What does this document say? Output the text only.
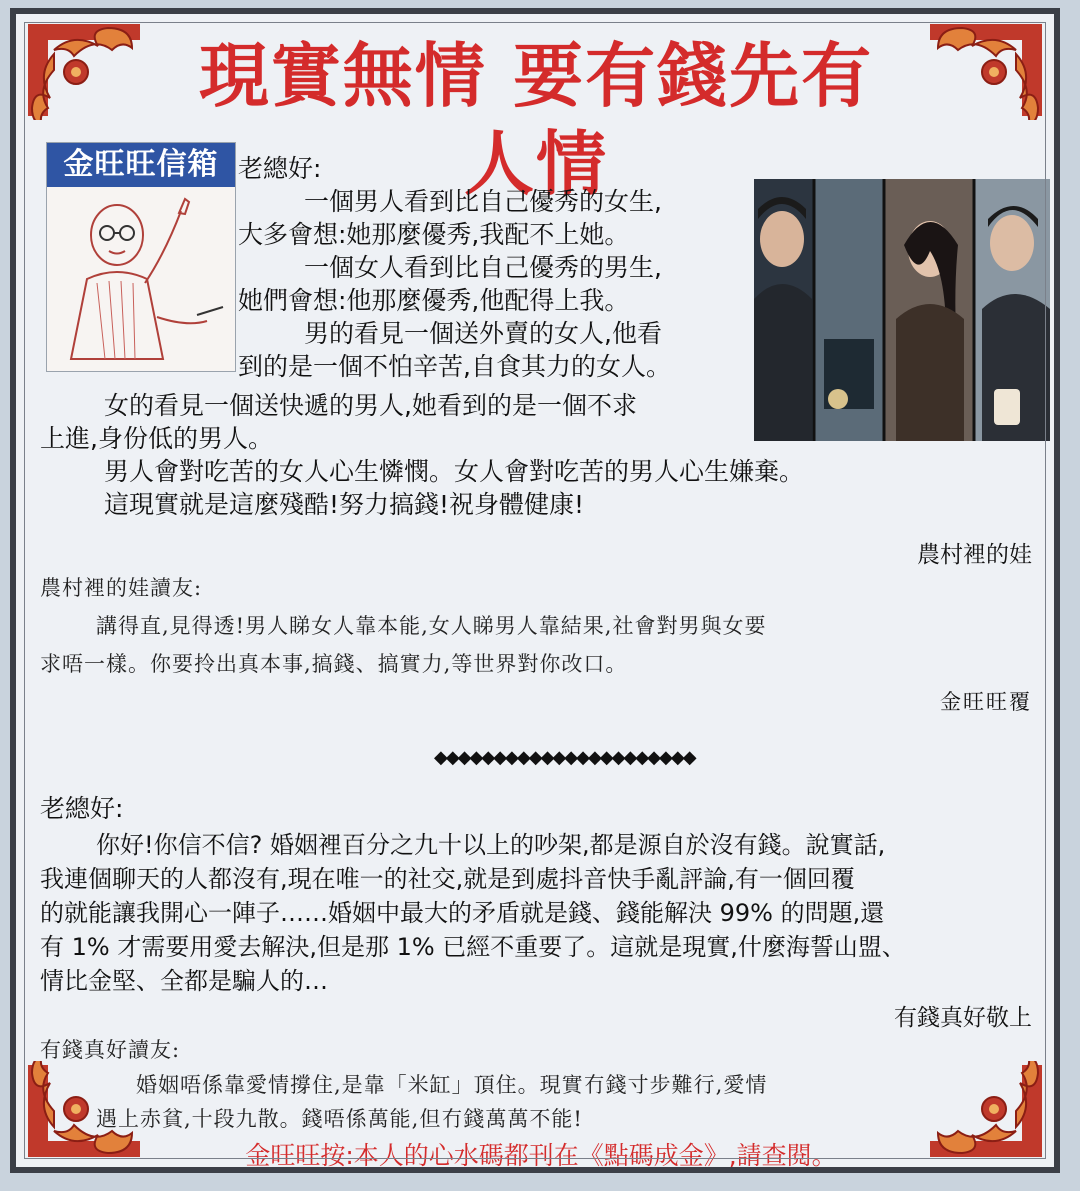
現實無情 要有錢先有人情
金旺旺信箱 老總好:
一個男人看到比自己優秀的女生,
大多會想:她那麼優秀,我配不上她。
一個女人看到比自己優秀的男生,
她們會想:他那麼優秀,他配得上我。
男的看見一個送外賣的女人,他看
到的是一個不怕辛苦,自食其力的女人。
女的看見一個送快遞的男人,她看到的是一個不求
上進,身份低的男人。
男人會對吃苦的女人心生憐憫。女人會對吃苦的男人心生嫌棄。
這現實就是這麼殘酷!努力搞錢!祝身體健康!
農村裡的娃
農村裡的娃讀友:
講得直,見得透!男人睇女人靠本能,女人睇男人靠結果,社會對男與女要
求唔一樣。你要拎出真本事,搞錢、搞實力,等世界對你改口。
金旺旺覆
◆◆◆◆◆◆◆◆◆◆◆◆◆◆◆◆◆◆◆◆◆◆
老總好:
你好!你信不信? 婚姻裡百分之九十以上的吵架,都是源自於沒有錢。說實話,
我連個聊天的人都沒有,現在唯一的社交,就是到處抖音快手亂評論,有一個回覆
的就能讓我開心一陣子……婚姻中最大的矛盾就是錢、錢能解決 99% 的問題,還
有 1% 才需要用愛去解決,但是那 1% 已經不重要了。這就是現實,什麼海誓山盟、
情比金堅、全都是騙人的…
有錢真好敬上
有錢真好讀友:
婚姻唔係靠愛情撐住,是靠「米缸」頂住。現實冇錢寸步難行,愛情
遇上赤貧,十段九散。錢唔係萬能,但冇錢萬萬不能!
金旺旺按:本人的心水碼都刊在《點碼成金》,請查閱。
